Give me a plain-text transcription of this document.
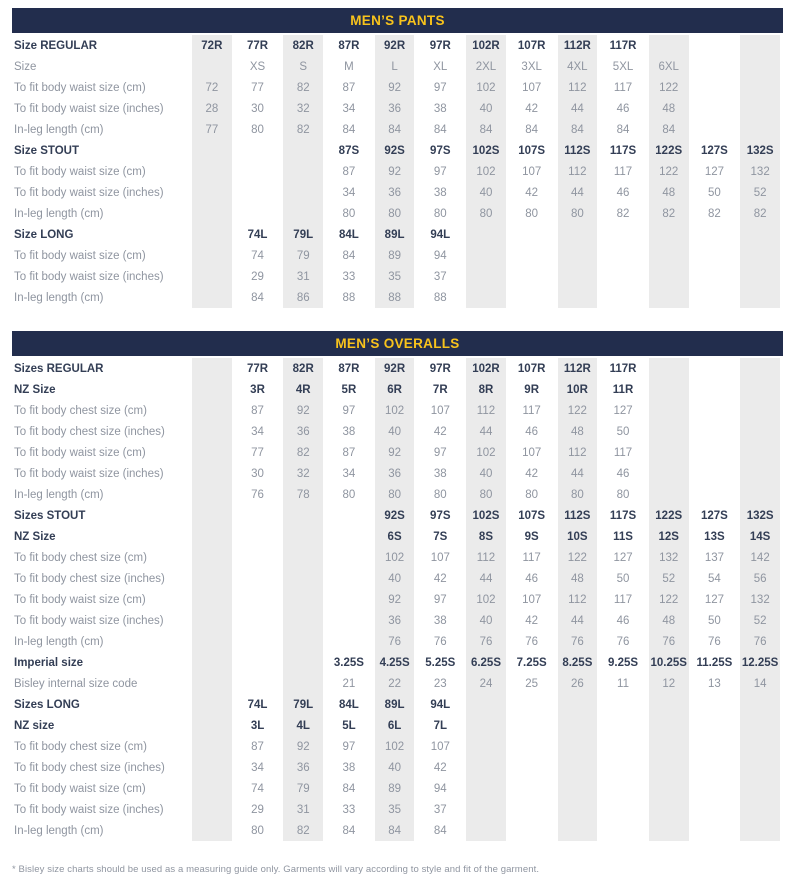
MEN’S PANTS
Size REGULAR	72R	77R	82R	87R	92R	97R	102R	107R	112R	117R			
Size		XS	S	M	L	XL	2XL	3XL	4XL	5XL	6XL		
To fit body waist size (cm)	72	77	82	87	92	97	102	107	112	117	122		
To fit body waist size (inches)	28	30	32	34	36	38	40	42	44	46	48		
In-leg length (cm)	77	80	82	84	84	84	84	84	84	84	84		
Size STOUT				87S	92S	97S	102S	107S	112S	117S	122S	127S	132S
To fit body waist size (cm)				87	92	97	102	107	112	117	122	127	132
To fit body waist size (inches)				34	36	38	40	42	44	46	48	50	52
In-leg length (cm)				80	80	80	80	80	80	82	82	82	82
Size LONG		74L	79L	84L	89L	94L							
To fit body waist size (cm)		74	79	84	89	94							
To fit body waist size (inches)		29	31	33	35	37							
In-leg length (cm)		84	86	88	88	88							
MEN’S OVERALLS
Sizes REGULAR		77R	82R	87R	92R	97R	102R	107R	112R	117R			
NZ Size		3R	4R	5R	6R	7R	8R	9R	10R	11R			
To fit body chest size (cm)		87	92	97	102	107	112	117	122	127			
To fit body chest size (inches)		34	36	38	40	42	44	46	48	50			
To fit body waist size (cm)		77	82	87	92	97	102	107	112	117			
To fit body waist size (inches)		30	32	34	36	38	40	42	44	46			
In-leg length (cm)		76	78	80	80	80	80	80	80	80			
Sizes STOUT					92S	97S	102S	107S	112S	117S	122S	127S	132S
NZ Size					6S	7S	8S	9S	10S	11S	12S	13S	14S
To fit body chest size (cm)					102	107	112	117	122	127	132	137	142
To fit body chest size (inches)					40	42	44	46	48	50	52	54	56
To fit body waist size (cm)					92	97	102	107	112	117	122	127	132
To fit body waist size (inches)					36	38	40	42	44	46	48	50	52
In-leg length (cm)					76	76	76	76	76	76	76	76	76
Imperial size				3.25S	4.25S	5.25S	6.25S	7.25S	8.25S	9.25S	10.25S	11.25S	12.25S
Bisley internal size code				21	22	23	24	25	26	11	12	13	14
Sizes LONG		74L	79L	84L	89L	94L							
NZ size		3L	4L	5L	6L	7L							
To fit body chest size (cm)		87	92	97	102	107							
To fit body chest size (inches)		34	36	38	40	42							
To fit body waist size (cm)		74	79	84	89	94							
To fit body waist size (inches)		29	31	33	35	37							
In-leg length (cm)		80	82	84	84	84							

* Bisley size charts should be used as a measuring guide only. Garments will vary according to style and fit of the garment.
